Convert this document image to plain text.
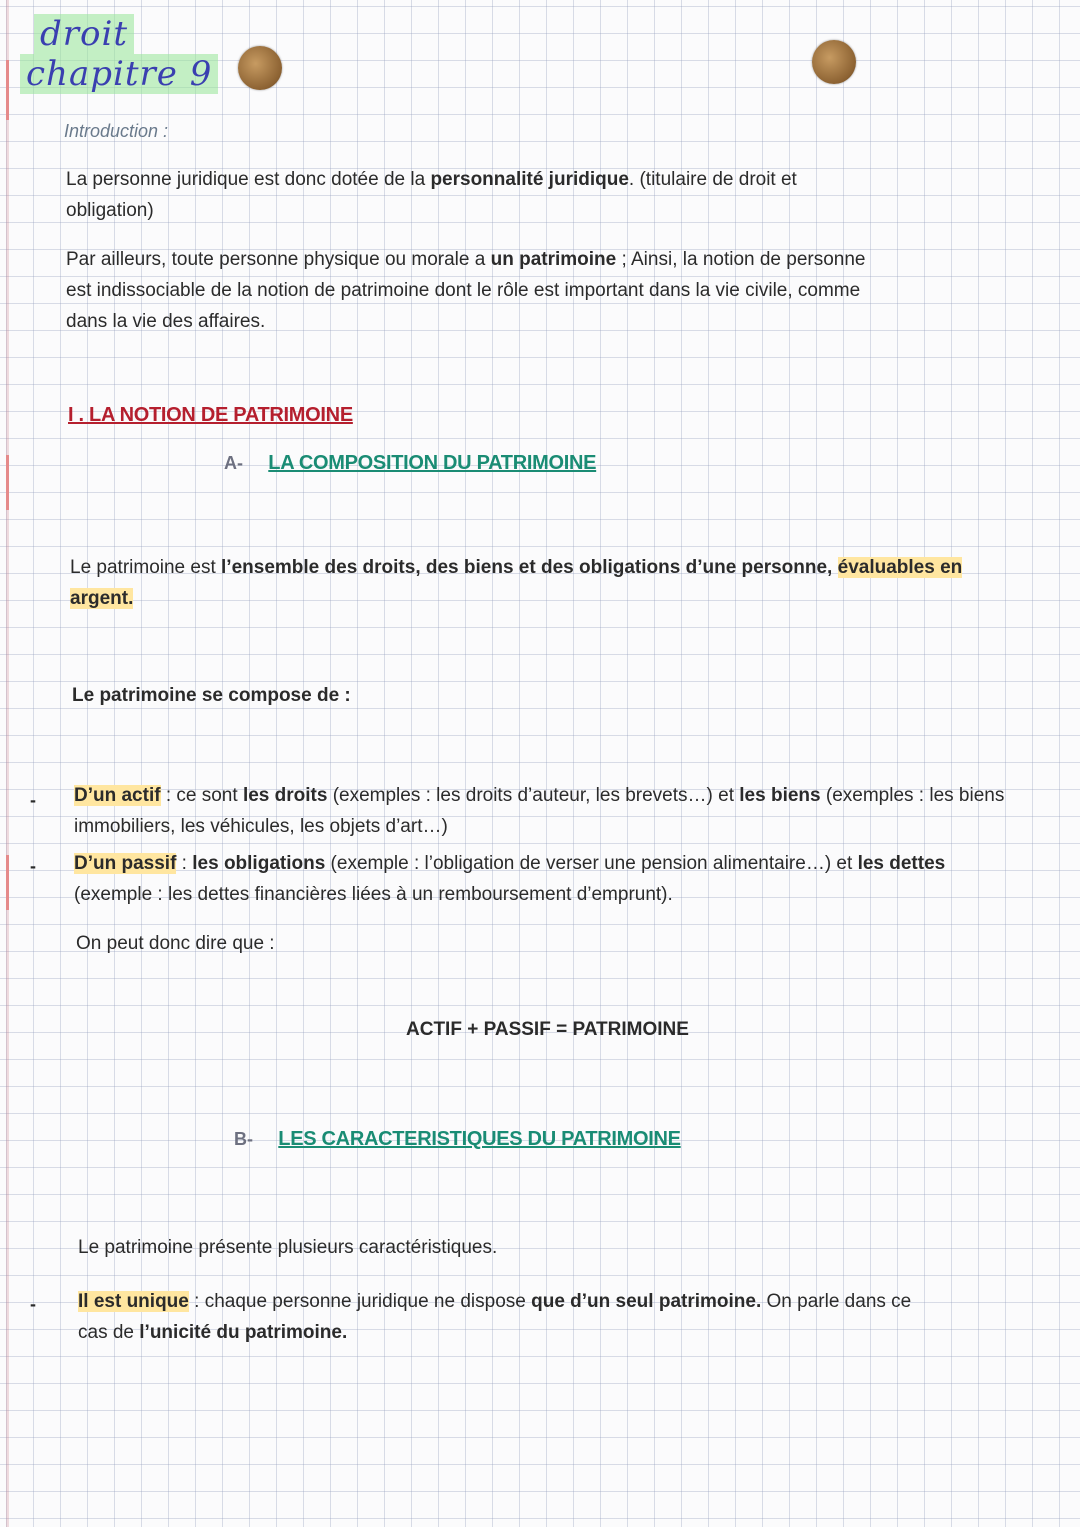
droit
chapitre 9
Introduction :
La personne juridique est donc dotée de la personnalité juridique. (titulaire de droit et obligation)
Par ailleurs, toute personne physique ou morale a un patrimoine ; Ainsi, la notion de personne est indissociable de la notion de patrimoine dont le rôle est important dans la vie civile, comme dans la vie des affaires.
I . LA NOTION DE PATRIMOINE
A- LA COMPOSITION DU PATRIMOINE
Le patrimoine est l’ensemble des droits, des biens et des obligations d’une personne, évaluables en argent.
Le patrimoine se compose de :
- D’un actif : ce sont les droits (exemples : les droits d’auteur, les brevets…) et les biens (exemples : les biens immobiliers, les véhicules, les objets d’art…)
- D’un passif : les obligations (exemple : l’obligation de verser une pension alimentaire…) et les dettes (exemple : les dettes financières liées à un remboursement d’emprunt).
On peut donc dire que :
ACTIF + PASSIF = PATRIMOINE
B- LES CARACTERISTIQUES DU PATRIMOINE
Le patrimoine présente plusieurs caractéristiques.
- Il est unique : chaque personne juridique ne dispose que d’un seul patrimoine. On parle dans ce cas de l’unicité du patrimoine.
